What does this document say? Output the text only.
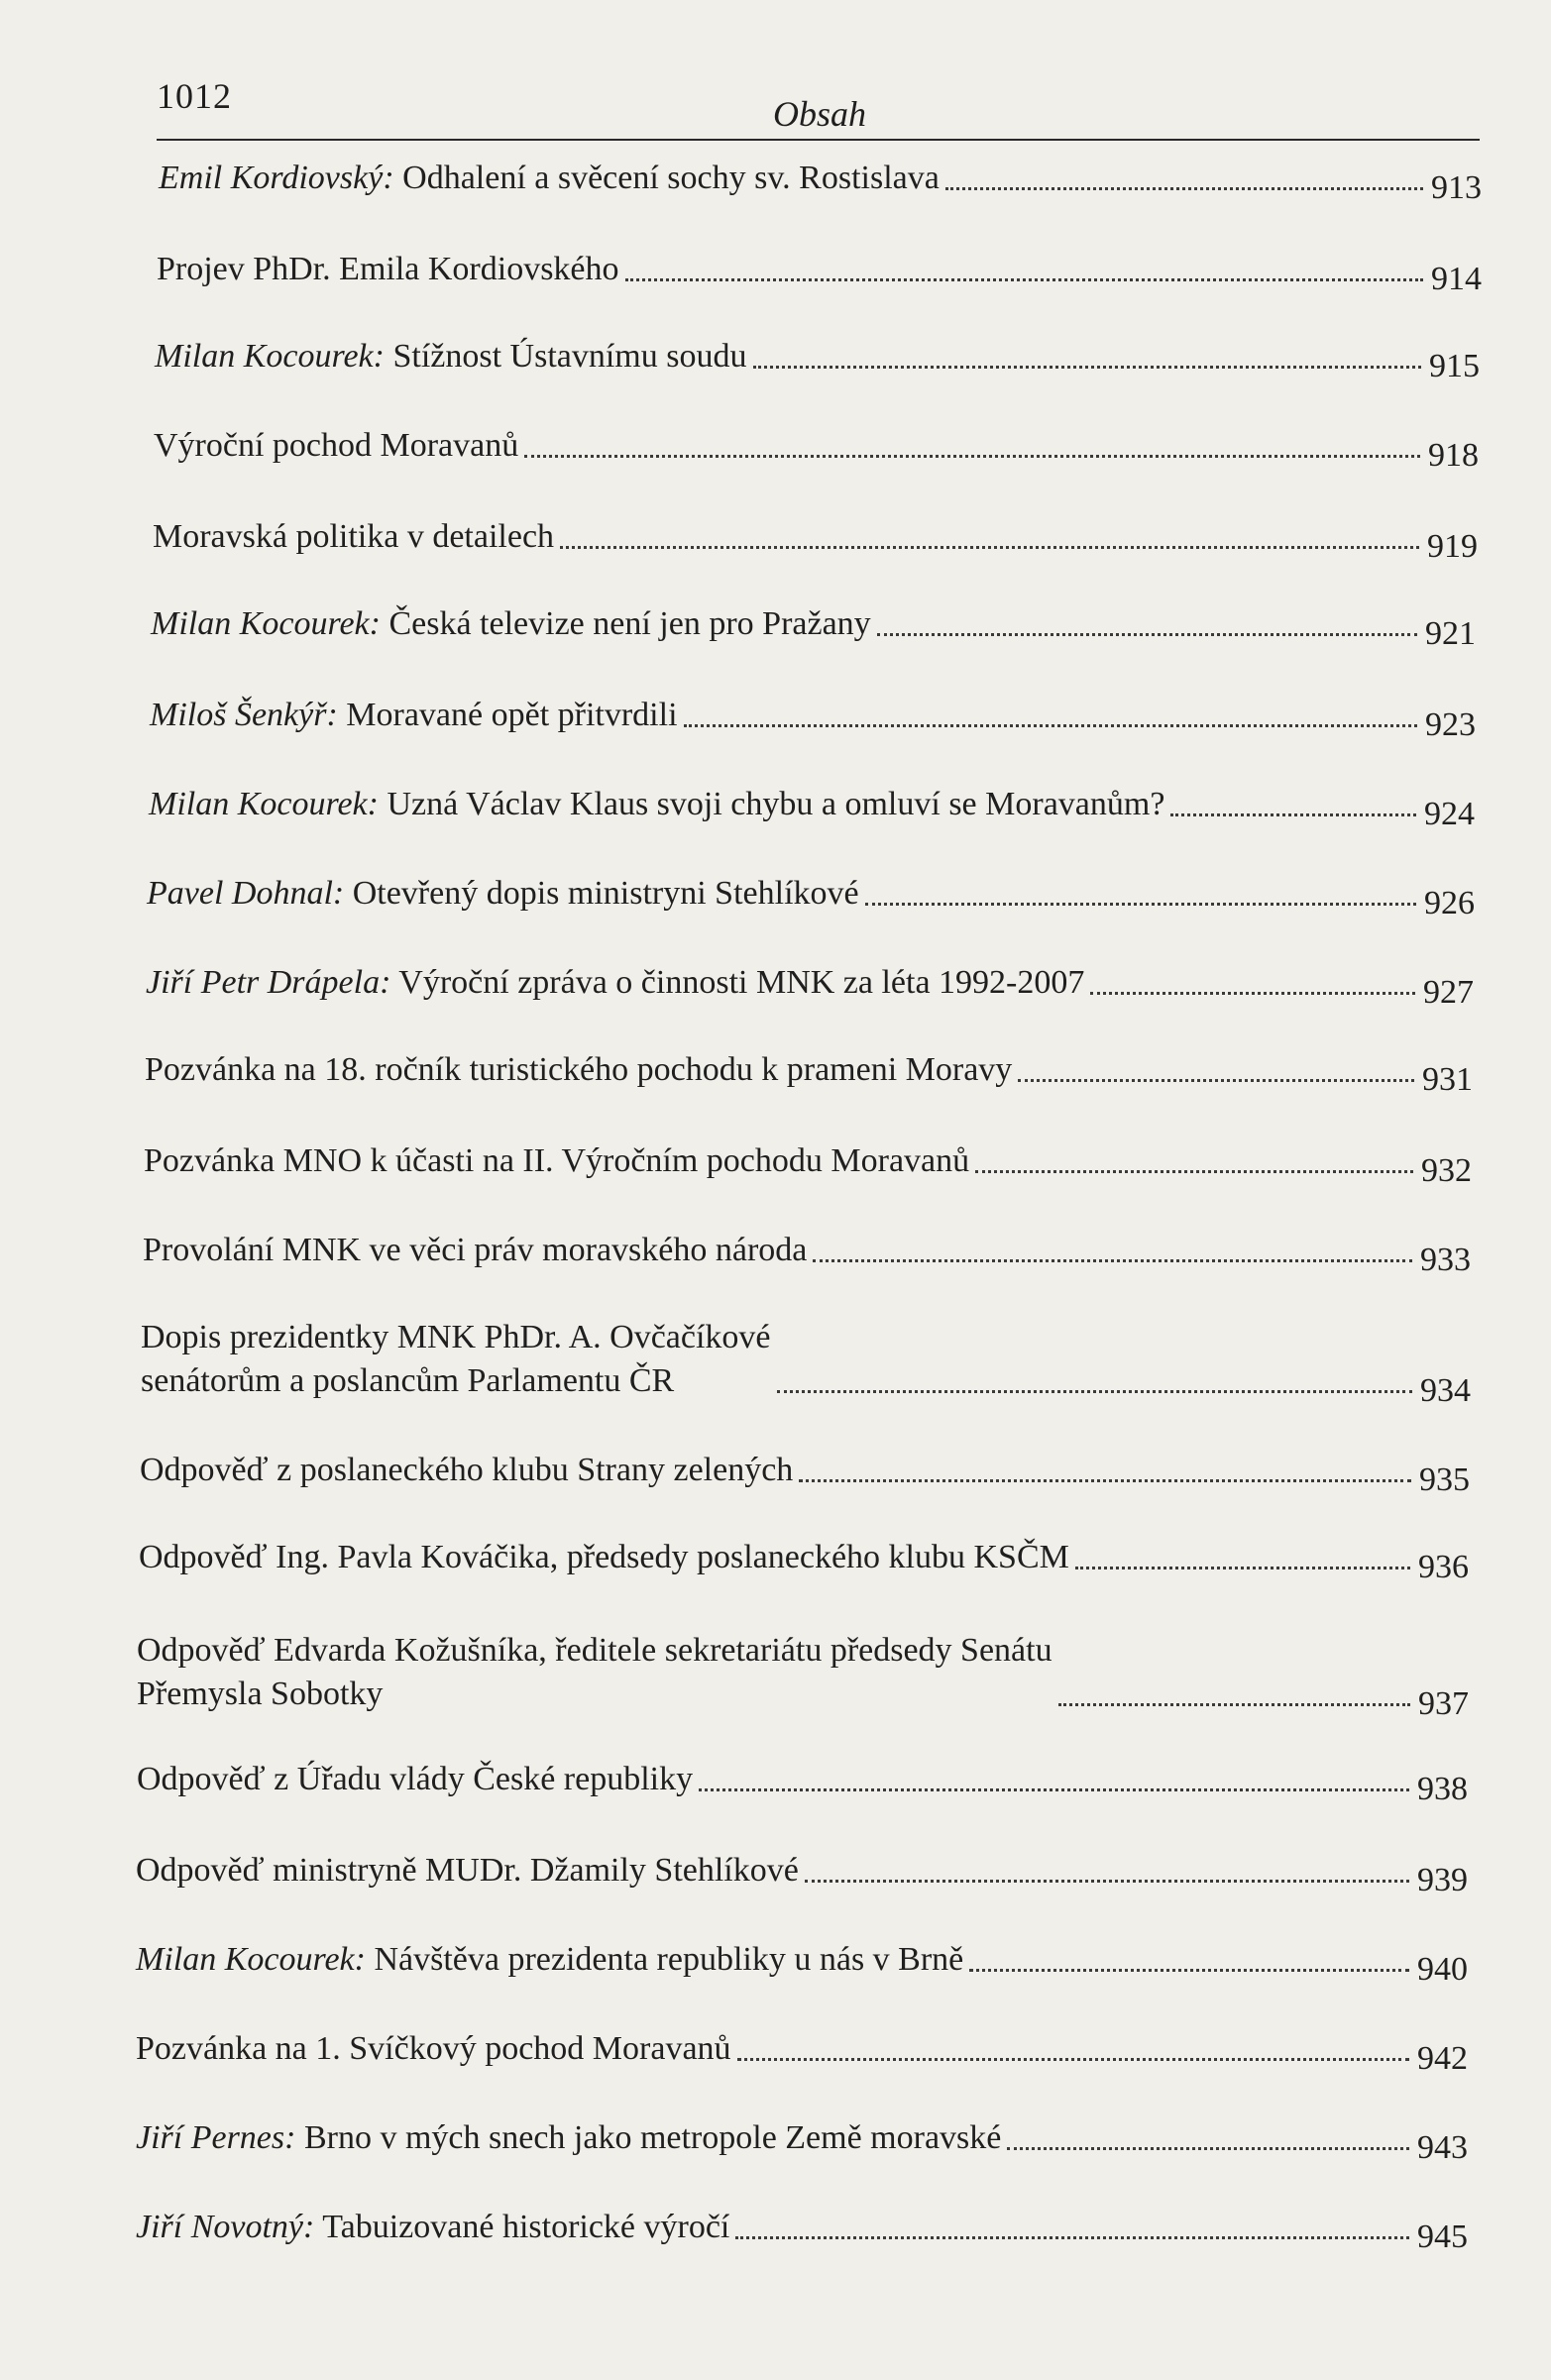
1012	Obsah
Emil Kordiovský: Odhalení a svěcení sochy sv. Rostislava	913
Projev PhDr. Emila Kordiovského	914
Milan Kocourek: Stížnost Ústavnímu soudu	915
Výroční pochod Moravanů	918
Moravská politika v detailech	919
Milan Kocourek: Česká televize není jen pro Pražany	921
Miloš Šenkýř: Moravané opět přitvrdili	923
Milan Kocourek: Uzná Václav Klaus svoji chybu a omluví se Moravanům?	924
Pavel Dohnal: Otevřený dopis ministryni Stehlíkové	926
Jiří Petr Drápela: Výroční zpráva o činnosti MNK za léta 1992-2007	927
Pozvánka na 18. ročník turistického pochodu k prameni Moravy	931
Pozvánka MNO k účasti na II. Výročním pochodu Moravanů	932
Provolání MNK ve věci práv moravského národa	933
Dopis prezidentky MNK PhDr. A. Ovčačíkové
senátorům a poslancům Parlamentu ČR	934
Odpověď z poslaneckého klubu Strany zelených	935
Odpověď Ing. Pavla Kováčika, předsedy poslaneckého klubu KSČM	936
Odpověď Edvarda Kožušníka, ředitele sekretariátu předsedy Senátu
Přemysla Sobotky	937
Odpověď z Úřadu vlády České republiky	938
Odpověď ministryně MUDr. Džamily Stehlíkové	939
Milan Kocourek: Návštěva prezidenta republiky u nás v Brně	940
Pozvánka na 1. Svíčkový pochod Moravanů	942
Jiří Pernes: Brno v mých snech jako metropole Země moravské	943
Jiří Novotný: Tabuizované historické výročí	945
